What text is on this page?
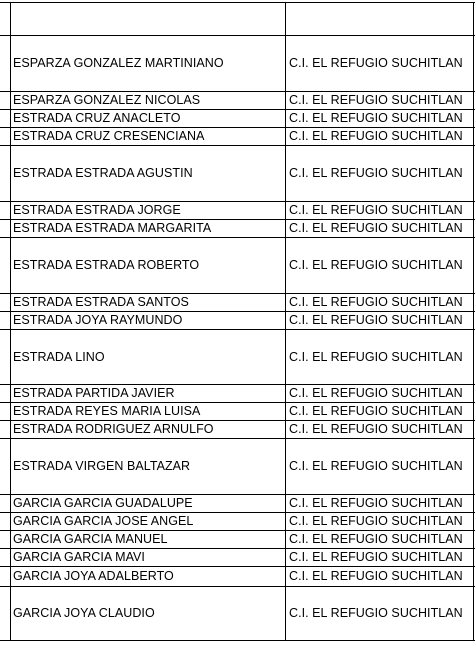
ESPARZA GONZALEZ MARTINIANO	C.I. EL REFUGIO SUCHITLAN
ESPARZA GONZALEZ NICOLAS	C.I. EL REFUGIO SUCHITLAN
ESTRADA CRUZ ANACLETO	C.I. EL REFUGIO SUCHITLAN
ESTRADA CRUZ CRESENCIANA	C.I. EL REFUGIO SUCHITLAN
ESTRADA ESTRADA AGUSTIN	C.I. EL REFUGIO SUCHITLAN
ESTRADA ESTRADA JORGE	C.I. EL REFUGIO SUCHITLAN
ESTRADA ESTRADA MARGARITA	C.I. EL REFUGIO SUCHITLAN
ESTRADA ESTRADA ROBERTO	C.I. EL REFUGIO SUCHITLAN
ESTRADA ESTRADA SANTOS	C.I. EL REFUGIO SUCHITLAN
ESTRADA JOYA RAYMUNDO	C.I. EL REFUGIO SUCHITLAN
ESTRADA LINO	C.I. EL REFUGIO SUCHITLAN
ESTRADA PARTIDA JAVIER	C.I. EL REFUGIO SUCHITLAN
ESTRADA REYES MARIA LUISA	C.I. EL REFUGIO SUCHITLAN
ESTRADA RODRIGUEZ ARNULFO	C.I. EL REFUGIO SUCHITLAN
ESTRADA VIRGEN BALTAZAR	C.I. EL REFUGIO SUCHITLAN
GARCIA GARCIA GUADALUPE	C.I. EL REFUGIO SUCHITLAN
GARCIA GARCIA JOSE ANGEL	C.I. EL REFUGIO SUCHITLAN
GARCIA GARCIA MANUEL	C.I. EL REFUGIO SUCHITLAN
GARCIA GARCIA MAVI	C.I. EL REFUGIO SUCHITLAN
GARCIA JOYA ADALBERTO	C.I. EL REFUGIO SUCHITLAN
GARCIA JOYA CLAUDIO	C.I. EL REFUGIO SUCHITLAN
